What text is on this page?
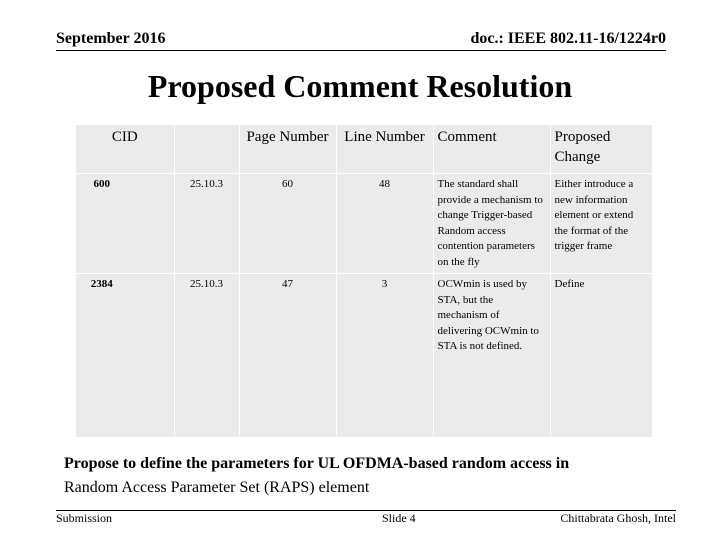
September 2016	doc.: IEEE 802.11-16/1224r0
Proposed Comment Resolution
CID		Page Number	Line Number	Comment	Proposed Change
600	25.10.3	60	48	The standard shall provide a mechanism to change Trigger-based Random access contention parameters on the fly	Either introduce a new information element or extend the format of the trigger frame
2384	25.10.3	47	3	OCWmin is used by STA, but the mechanism of delivering OCWmin to STA is not defined.	Define
Propose to define the parameters for UL OFDMA-based random access in
Random Access Parameter Set (RAPS) element
Submission	Slide 4	Chittabrata Ghosh, Intel
